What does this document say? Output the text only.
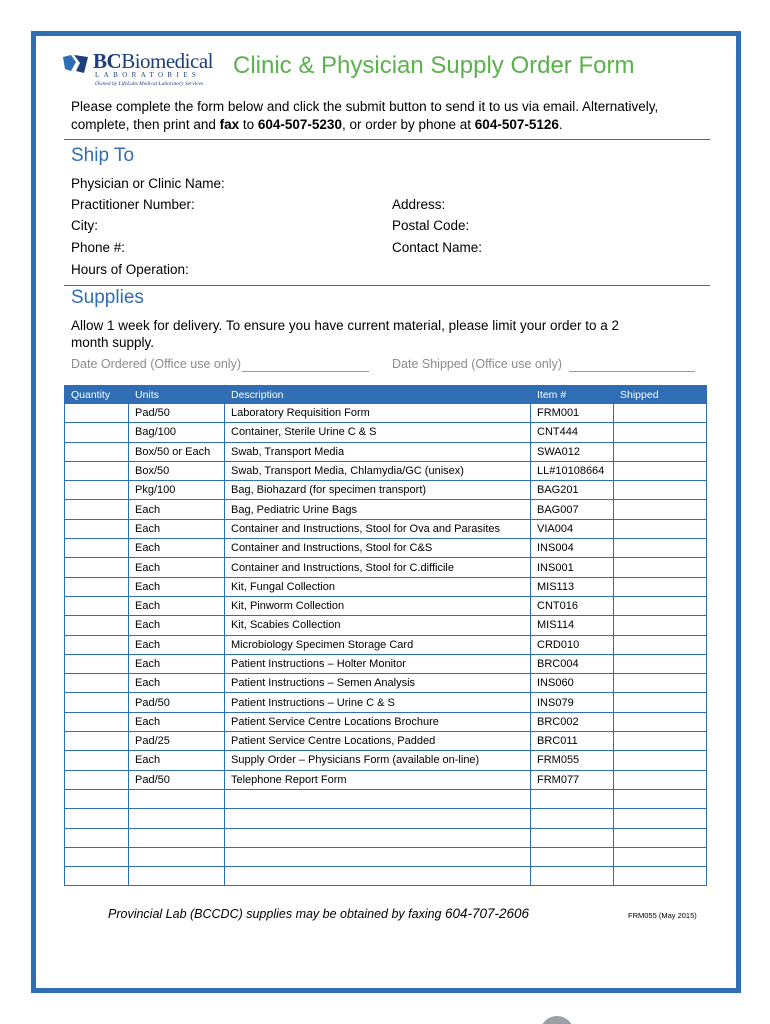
BCBiomedical
LABORATORIES
Owned by LifeLabs Medical Laboratory Services
Clinic & Physician Supply Order Form
Please complete the form below and click the submit button to send it to us via email. Alternatively, complete, then print and fax to 604-507-5230, or order by phone at 604-507-5126.
Ship To
Physician or Clinic Name:
Practitioner Number:
City:
Phone #:
Hours of Operation:
Address:
Postal Code:
Contact Name:
Supplies
Allow 1 week for delivery. To ensure you have current material, please limit your order to a 2 month supply.
Date Ordered (Office use only)	Date Shipped (Office use only)
Quantity	Units	Description	Item #	Shipped
	Pad/50	Laboratory Requisition Form	FRM001	
	Bag/100	Container, Sterile Urine C & S	CNT444	
	Box/50 or Each	Swab, Transport Media	SWA012	
	Box/50	Swab, Transport Media, Chlamydia/GC (unisex)	LL#10108664	
	Pkg/100	Bag, Biohazard (for specimen transport)	BAG201	
	Each	Bag, Pediatric Urine Bags	BAG007	
	Each	Container and Instructions, Stool for Ova and Parasites	VIA004	
	Each	Container and Instructions, Stool for C&S	INS004	
	Each	Container and Instructions, Stool for C.difficile	INS001	
	Each	Kit, Fungal Collection	MIS113	
	Each	Kit, Pinworm Collection	CNT016	
	Each	Kit, Scabies Collection	MIS114	
	Each	Microbiology Specimen Storage Card	CRD010	
	Each	Patient Instructions – Holter Monitor	BRC004	
	Each	Patient Instructions – Semen Analysis	INS060	
	Pad/50	Patient Instructions – Urine C & S	INS079	
	Each	Patient Service Centre Locations Brochure	BRC002	
	Pad/25	Patient Service Centre Locations, Padded	BRC011	
	Each	Supply Order – Physicians Form (available on-line)	FRM055	
	Pad/50	Telephone Report Form	FRM077	

Provincial Lab (BCCDC) supplies may be obtained by faxing 604-707-2606	FRM055 (May 2015)
